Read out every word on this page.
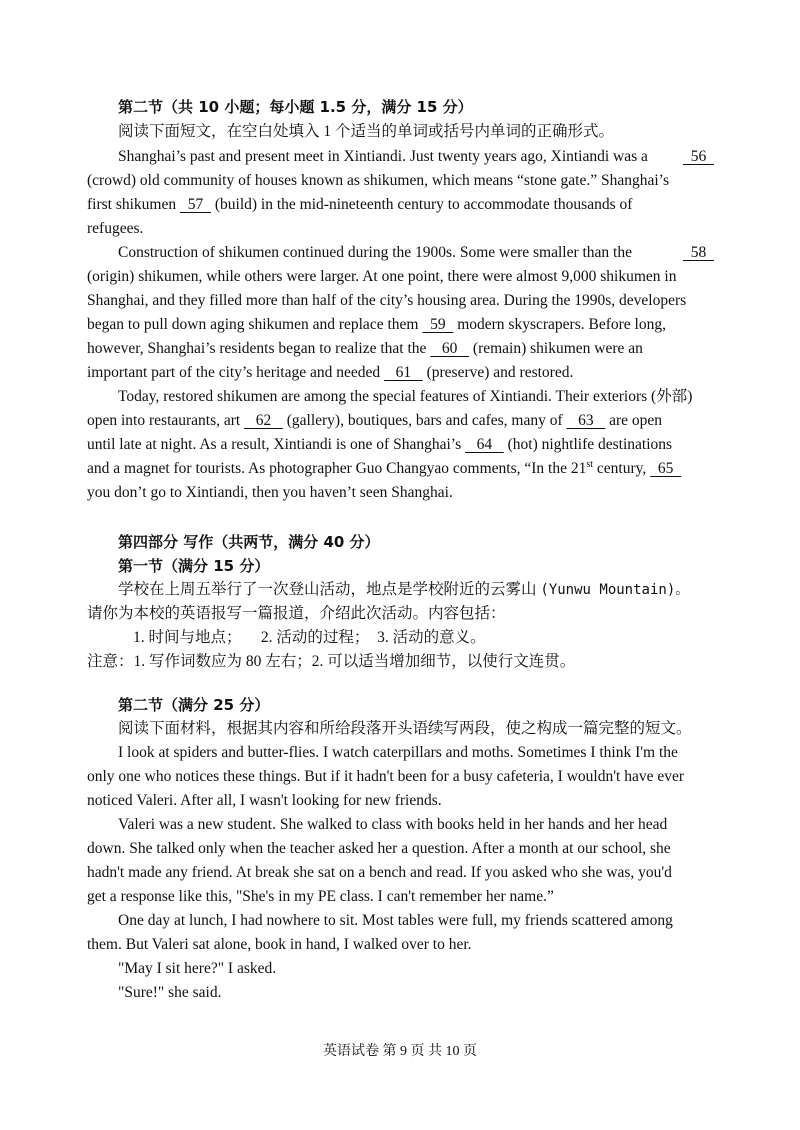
第二节（共 10 小题；每小题 1.5 分，满分 15 分）
阅读下面短文，在空白处填入 1 个适当的单词或括号内单词的正确形式。
Shanghai’s past and present meet in Xintiandi. Just twenty years ago, Xintiandi was a 56
(crowd) old community of houses known as shikumen, which means “stone gate.” Shanghai’s
first shikumen   57   (build) in the mid-nineteenth century to accommodate thousands of
refugees.
Construction of shikumen continued during the 1900s. Some were smaller than the	58
(origin) shikumen, while others were larger. At one point, there were almost 9,000 shikumen in
Shanghai, and they filled more than half of the city’s housing area. During the 1990s, developers
began to pull down aging shikumen and replace them   59   modern skyscrapers. Before long,
however, Shanghai’s residents began to realize that the    60    (remain) shikumen were an
important part of the city’s heritage and needed    61    (preserve) and restored.
Today, restored shikumen are among the special features of Xintiandi. Their exteriors (外部)
open into restaurants, art    62    (gallery), boutiques, bars and cafes, many of    63    are open
until late at night. As a result, Xintiandi is one of Shanghai’s    64    (hot) nightlife destinations
and a magnet for tourists. As photographer Guo Changyao comments, “In the 21st century,   65
you don’t go to Xintiandi, then you haven’t seen Shanghai.
第四部分 写作（共两节，满分 40 分）
第一节（满分 15 分）
学校在上周五举行了一次登山活动，地点是学校附近的云雾山 (Yunwu Mountain)。
请你为本校的英语报写一篇报道，介绍此次活动。内容包括：
1. 时间与地点；     2. 活动的过程；  3. 活动的意义。
注意：1. 写作词数应为 80 左右；2. 可以适当增加细节，以使行文连贯。
第二节（满分 25 分）
阅读下面材料，根据其内容和所给段落开头语续写两段，使之构成一篇完整的短文。
I look at spiders and butter-flies. I watch caterpillars and moths. Sometimes I think I'm the
only one who notices these things. But if it hadn't been for a busy cafeteria, I wouldn't have ever
noticed Valeri. After all, I wasn't looking for new friends.
Valeri was a new student. She walked to class with books held in her hands and her head
down. She talked only when the teacher asked her a question. After a month at our school, she
hadn't made any friend. At break she sat on a bench and read. If you asked who she was, you'd
get a response like this, "She's in my PE class. I can't remember her name.”
One day at lunch, I had nowhere to sit. Most tables were full, my friends scattered among
them. But Valeri sat alone, book in hand, I walked over to her.
"May I sit here?" I asked.
"Sure!" she said.
英语试卷 第 9 页 共 10 页
